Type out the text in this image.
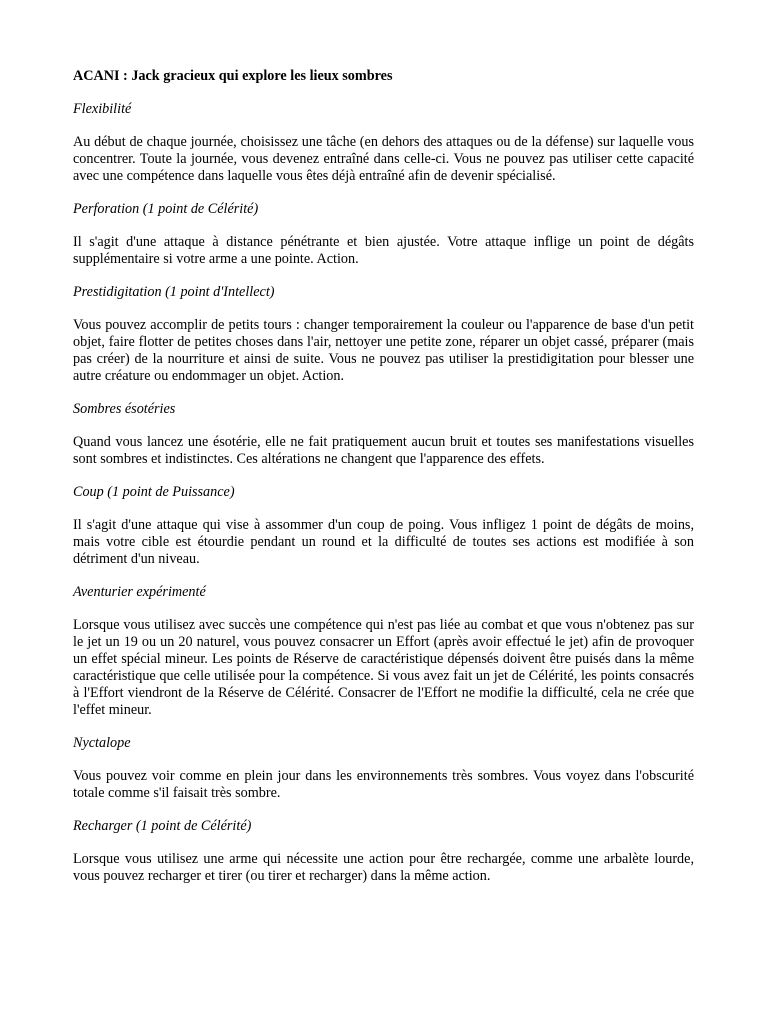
ACANI : Jack gracieux qui explore les lieux sombres

Flexibilité

Au début de chaque journée, choisissez une tâche (en dehors des attaques ou de la défense) sur laquelle vous concentrer. Toute la journée, vous devenez entraîné dans celle-ci. Vous ne pouvez pas utiliser cette capacité avec une compétence dans laquelle vous êtes déjà entraîné afin de devenir spécialisé.

Perforation (1 point de Célérité)

Il s'agit d'une attaque à distance pénétrante et bien ajustée. Votre attaque inflige un point de dégâts supplémentaire si votre arme a une pointe. Action.

Prestidigitation (1 point d'Intellect)

Vous pouvez accomplir de petits tours : changer temporairement la couleur ou l'apparence de base d'un petit objet, faire flotter de petites choses dans l'air, nettoyer une petite zone, réparer un objet cassé, préparer (mais pas créer) de la nourriture et ainsi de suite. Vous ne pouvez pas utiliser la prestidigitation pour blesser une autre créature ou endommager un objet. Action.

Sombres ésotéries

Quand vous lancez une ésotérie, elle ne fait pratiquement aucun bruit et toutes ses manifestations visuelles sont sombres et indistinctes. Ces altérations ne changent que l'apparence des effets.

Coup (1 point de Puissance)

Il s'agit d'une attaque qui vise à assommer d'un coup de poing. Vous infligez 1 point de dégâts de moins, mais votre cible est étourdie pendant un round et la difficulté de toutes ses actions est modifiée à son détriment d'un niveau.

Aventurier expérimenté

Lorsque vous utilisez avec succès une compétence qui n'est pas liée au combat et que vous n'obtenez pas sur le jet un 19 ou un 20 naturel, vous pouvez consacrer un Effort (après avoir effectué le jet) afin de provoquer un effet spécial mineur. Les points de Réserve de caractéristique dépensés doivent être puisés dans la même caractéristique que celle utilisée pour la compétence. Si vous avez fait un jet de Célérité, les points consacrés à l'Effort viendront de la Réserve de Célérité. Consacrer de l'Effort ne modifie la difficulté, cela ne crée que l'effet mineur.

Nyctalope

Vous pouvez voir comme en plein jour dans les environnements très sombres. Vous voyez dans l'obscurité totale comme s'il faisait très sombre.

Recharger (1 point de Célérité)

Lorsque vous utilisez une arme qui nécessite une action pour être rechargée, comme une arbalète lourde, vous pouvez recharger et tirer (ou tirer et recharger) dans la même action.
